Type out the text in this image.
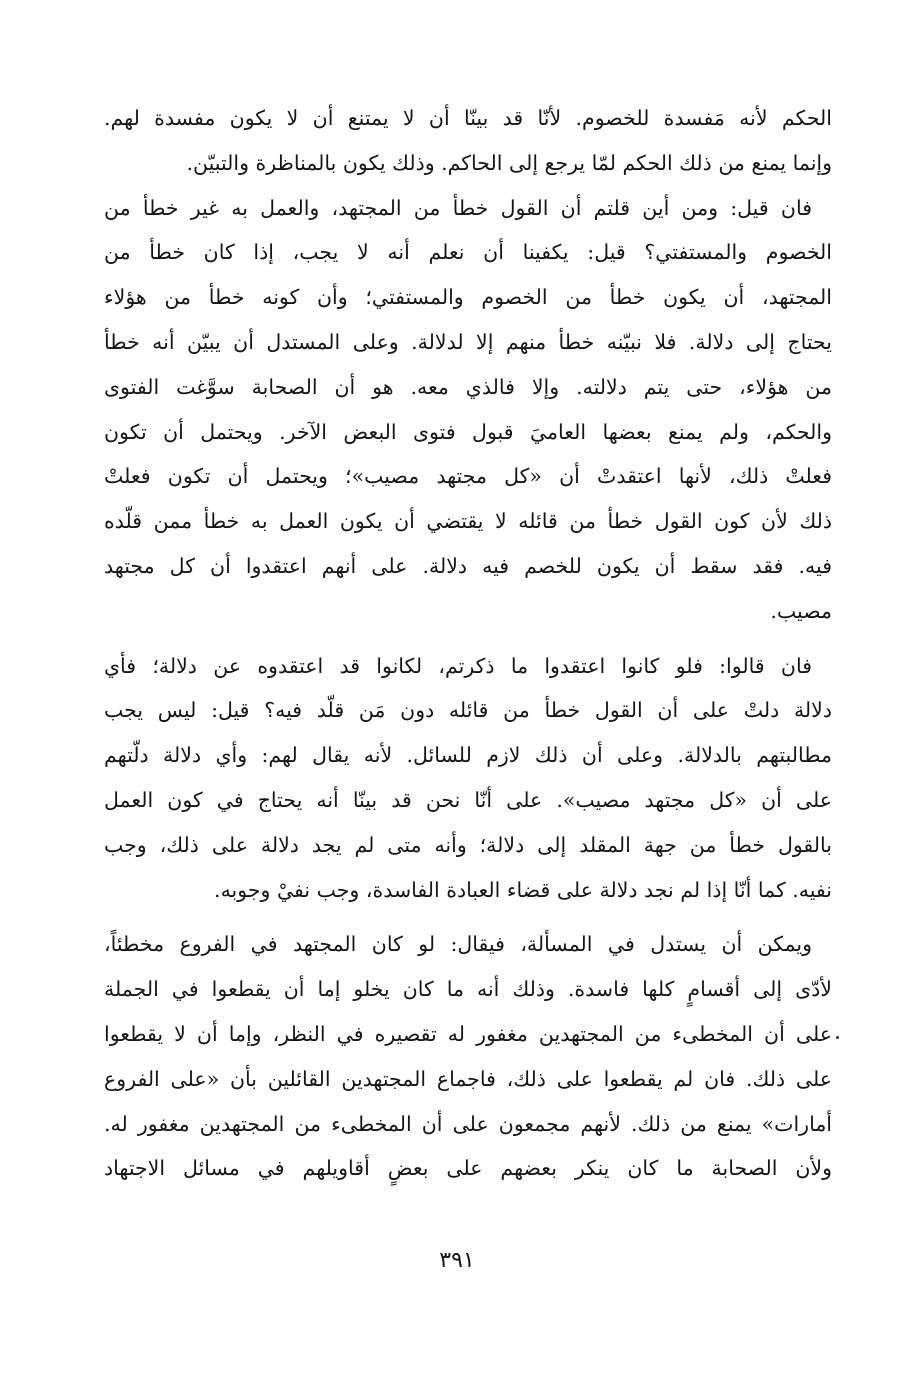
الحكم لأنه مَفسدة للخصوم. لأنّا قد بينّا أن لا يمتنع أن لا يكون مفسدة لهم.
وإنما يمنع من ذلك الحكم لمّا يرجع إلى الحاكم. وذلك يكون بالمناظرة والتبيّن.

فان قيل: ومن أين قلتم أن القول خطأ من المجتهد، والعمل به غير خطأ من
الخصوم والمستفتي؟ قيل: يكفينا أن نعلم أنه لا يجب، إذا كان خطأ من
المجتهد، أن يكون خطأ من الخصوم والمستفتي؛ وأن كونه خطأ من هؤلاء
يحتاج إلى دلالة. فلا نبيّنه خطأ منهم إلا لدلالة. وعلى المستدل أن يبيّن أنه خطأ
من هؤلاء، حتى يتم دلالته. وإلا فالذي معه. هو أن الصحابة سوَّغت الفتوى
والحكم، ولم يمنع بعضها العاميَ قبول فتوى البعض الآخر. ويحتمل أن تكون
فعلتْ ذلك، لأنها اعتقدتْ أن «كل مجتهد مصيب»؛ ويحتمل أن تكون فعلتْ
ذلك لأن كون القول خطأ من قائله لا يقتضي أن يكون العمل به خطأ ممن قلّده
فيه. فقد سقط أن يكون للخصم فيه دلالة. على أنهم اعتقدوا أن كل مجتهد
مصيب.

فان قالوا: فلو كانوا اعتقدوا ما ذكرتم، لكانوا قد اعتقدوه عن دلالة؛ فأي
دلالة دلتْ على أن القول خطأ من قائله دون مَن قلّد فيه؟ قيل: ليس يجب
مطالبتهم بالدلالة. وعلى أن ذلك لازم للسائل. لأنه يقال لهم: وأي دلالة دلّتهم
على أن «كل مجتهد مصيب». على أنّا نحن قد بينّا أنه يحتاج في كون العمل
بالقول خطأ من جهة المقلد إلى دلالة؛ وأنه متى لم يجد دلالة على ذلك، وجب
نفيه. كما أنّا إذا لم نجد دلالة على قضاء العبادة الفاسدة، وجب نفيْ وجوبه.

ويمكن أن يستدل في المسألة، فيقال: لو كان المجتهد في الفروع مخطئاً،
لأدّى إلى أقسامٍ كلها فاسدة. وذلك أنه ما كان يخلو إما أن يقطعوا في الجملة
على أن المخطىء من المجتهدين مغفور له تقصيره في النظر، وإما أن لا يقطعوا
على ذلك. فان لم يقطعوا على ذلك، فاجماع المجتهدين القائلين بأن «على الفروع
أمارات» يمنع من ذلك. لأنهم مجمعون على أن المخطىء من المجتهدين مغفور له.
ولأن الصحابة ما كان ينكر بعضهم على بعضٍ أقاويلهم في مسائل الاجتهاد

٣٩١
